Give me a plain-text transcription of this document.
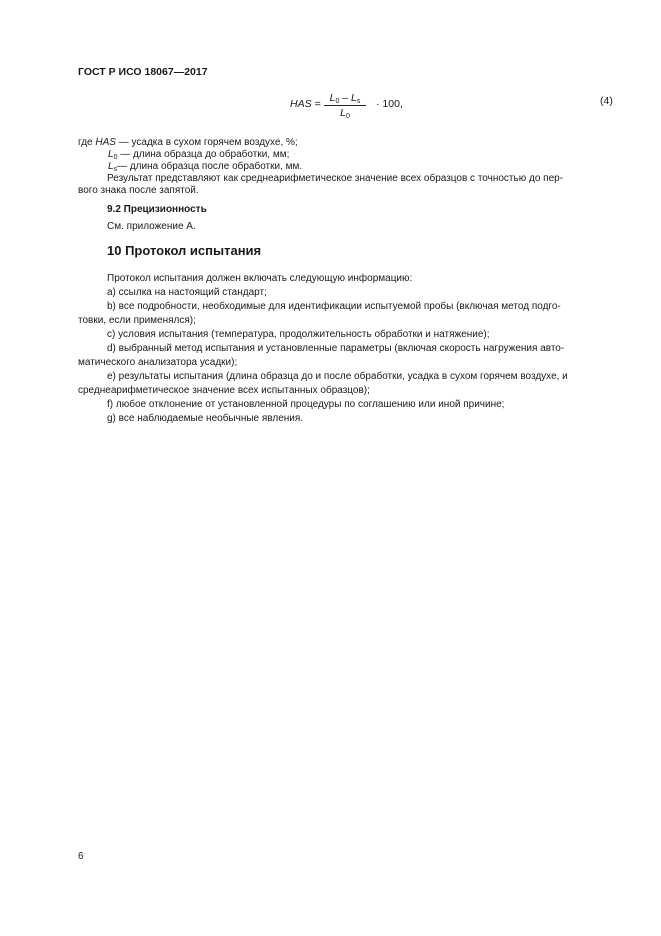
ГОСТ Р ИСО 18067—2017
HAS = $L_0 - L_s$
$L_0$
· 100,	(4)
где HAS — усадка в сухом горячем воздухе, %;
$L_0$ — длина образца до обработки, мм;
$L_s—$ длина образца после обработки, мм.
Результат представляют как среднеарифметическое значение всех образцов с точностью до пер-
вого знака после запятой.
9.2 Прецизионность
См. приложение А.
10 Протокол испытания
Протокол испытания должен включать следующую информацию:
а) ссылка на настоящий стандарт;
b) все подробности, необходимые для идентификации испытуемой пробы (включая метод подго-
товки, если применялся);
с) условия испытания (температура, продолжительность обработки и натяжение);
d) выбранный метод испытания и установленные параметры (включая скорость нагружения авто-
матического анализатора усадки);
е) результаты испытания (длина образца до и после обработки, усадка в сухом горячем воздухе, и
среднеарифметическое значение всех испытанных образцов);
f) любое отклонение от установленной процедуры по соглашению или иной причине;
g) все наблюдаемые необычные явления.
6
